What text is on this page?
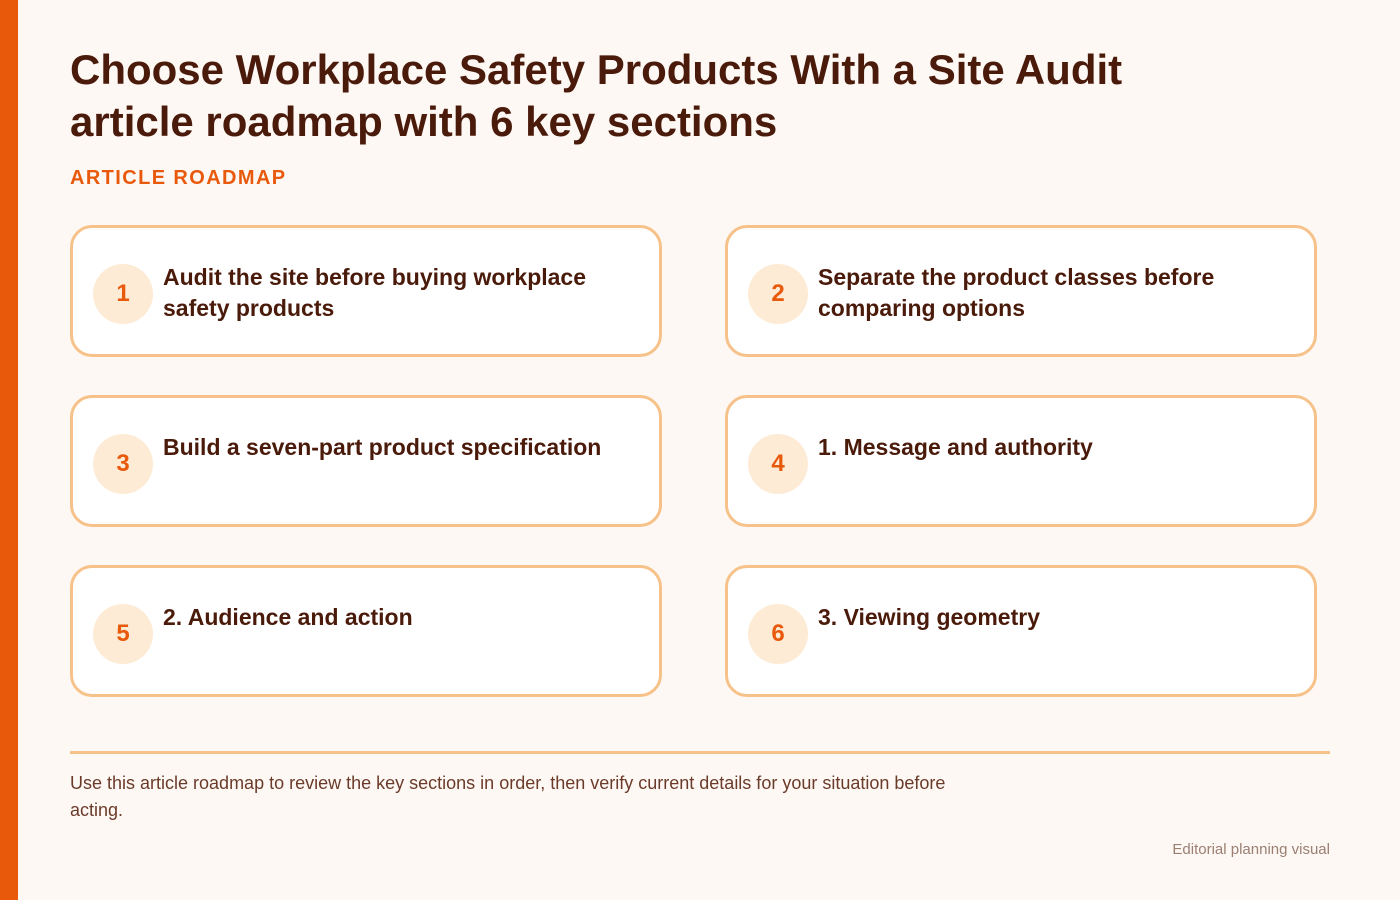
Choose Workplace Safety Products With a Site Audit
article roadmap with 6 key sections

ARTICLE ROADMAP

1

Audit the site before buying workplace safety products

2

Separate the product classes before comparing options

3

Build a seven-part product specification

4

1. Message and authority

5

2. Audience and action

6

3. Viewing geometry

Use this article roadmap to review the key sections in order, then verify current details for your situation before acting.

Editorial planning visual
